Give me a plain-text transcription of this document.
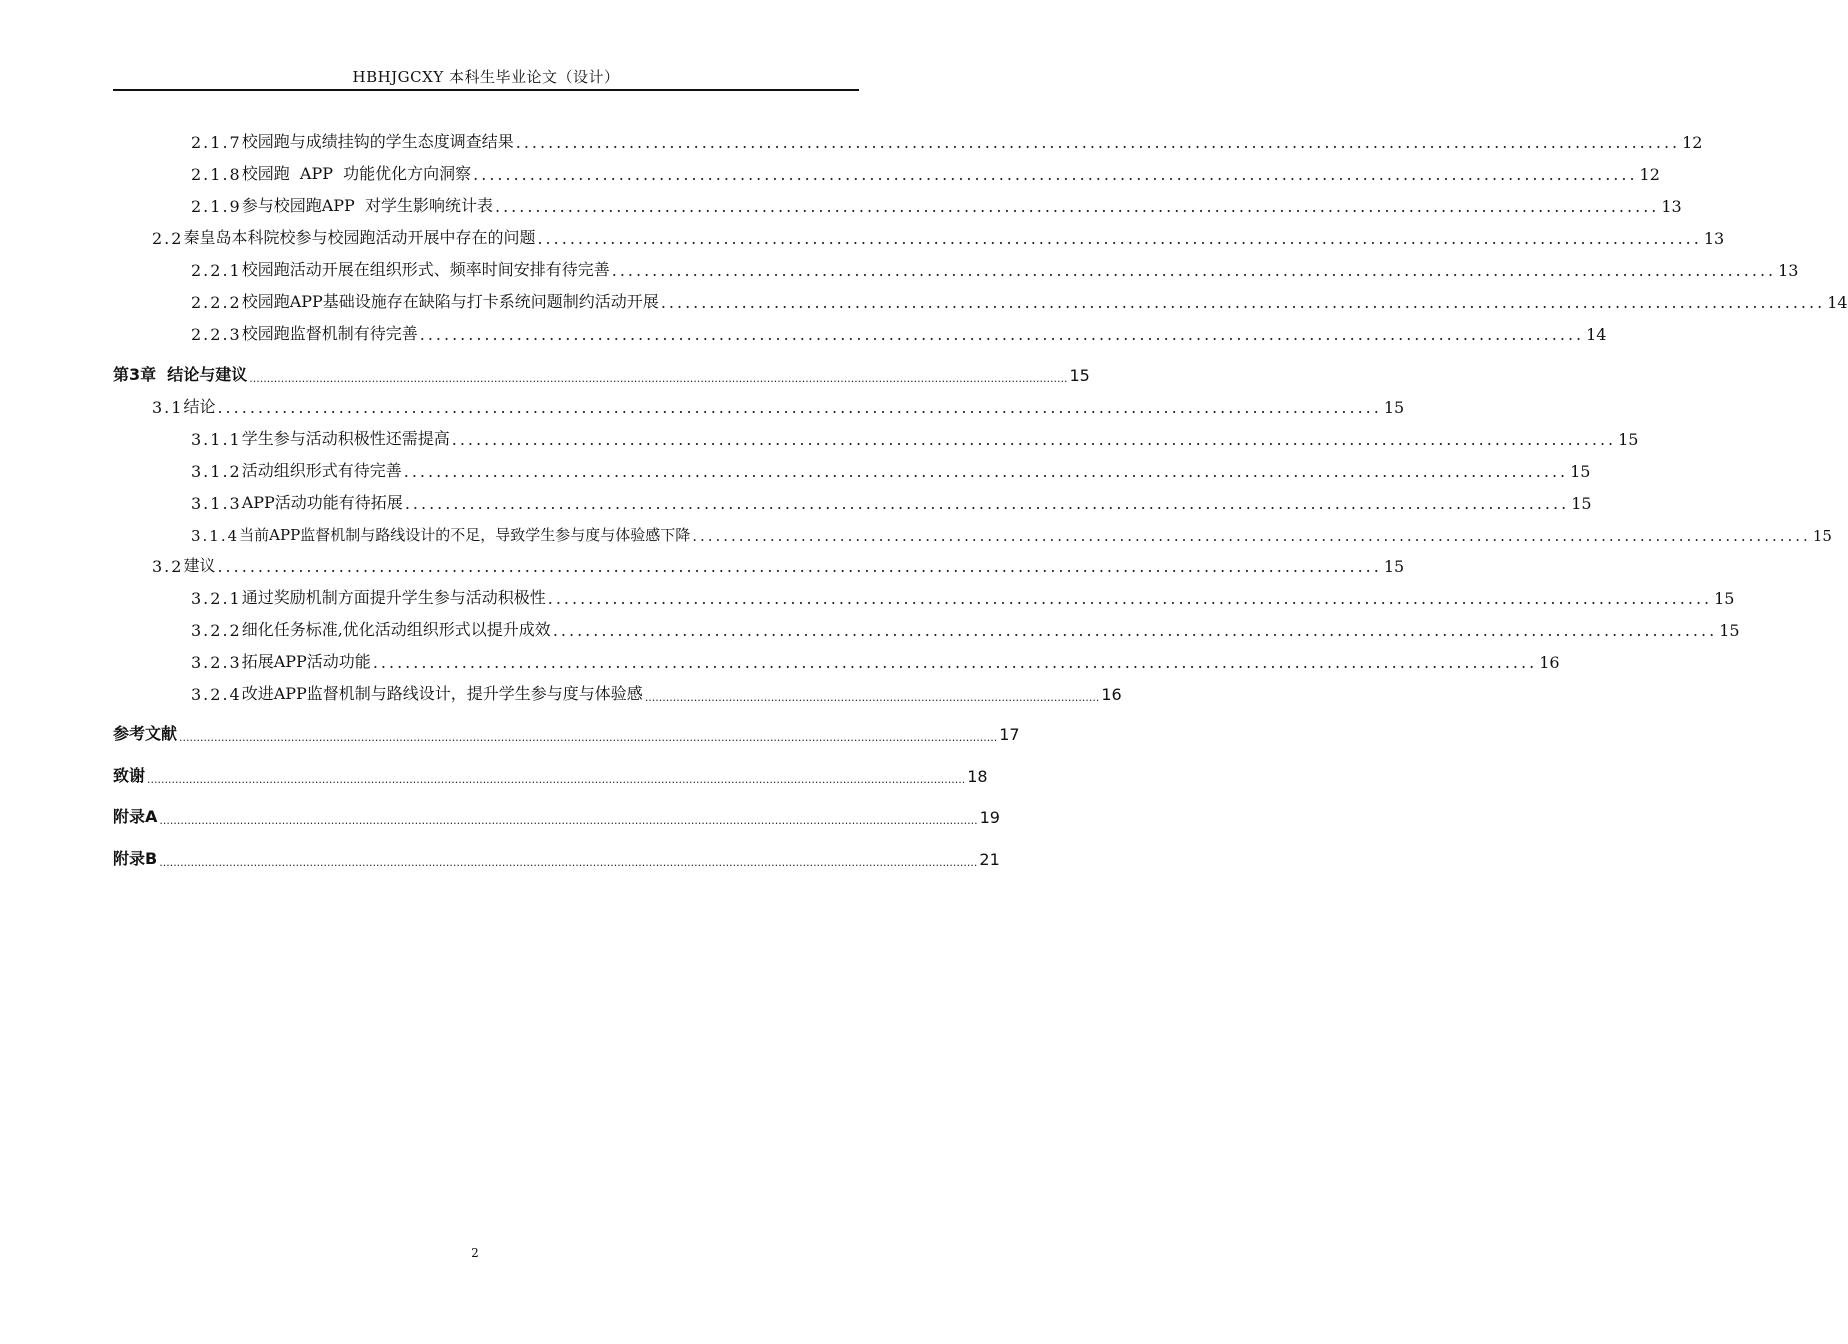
HBHJGCXY 本科生毕业论文（设计）
2.1.7 校园跑与成绩挂钩的学生态度调查结果 ................................................................................................................................................ 12
2.1.8 校园跑  APP  功能优化方向洞察 ................................................................................................................................................ 12
2.1.9 参与校园跑APP  对学生影响统计表 ................................................................................................................................................ 13
2.2 秦皇岛本科院校参与校园跑活动开展中存在的问题 ................................................................................................................................................ 13
2.2.1 校园跑活动开展在组织形式、频率时间安排有待完善 ................................................................................................................................................ 13
2.2.2 校园跑APP基础设施存在缺陷与打卡系统问题制约活动开展 ................................................................................................................................................ 14
2.2.3 校园跑监督机制有待完善 ................................................................................................................................................ 14
第3章  结论与建议 .......................................................................................................................................................................................................................................... 15
3.1 结论 ................................................................................................................................................ 15
3.1.1 学生参与活动积极性还需提高 ................................................................................................................................................ 15
3.1.2 活动组织形式有待完善 ................................................................................................................................................ 15
3.1.3 APP活动功能有待拓展 ................................................................................................................................................ 15
3.1.4 当前APP监督机制与路线设计的不足，导致学生参与度与体验感下降 ................................................................................................................................................ 15
3.2 建议 ................................................................................................................................................ 15
3.2.1 通过奖励机制方面提升学生参与活动积极性 ................................................................................................................................................ 15
3.2.2 细化任务标准,优化活动组织形式以提升成效 ................................................................................................................................................ 15
3.2.3 拓展APP活动功能 ................................................................................................................................................ 16
3.2.4 改进APP监督机制与路线设计，提升学生参与度与体验感 .................................................................................................................................. 16
参考文献 .......................................................................................................................................................................................................................................... 17
致谢 .......................................................................................................................................................................................................................................... 18
附录A .......................................................................................................................................................................................................................................... 19
附录B .......................................................................................................................................................................................................................................... 21
2
